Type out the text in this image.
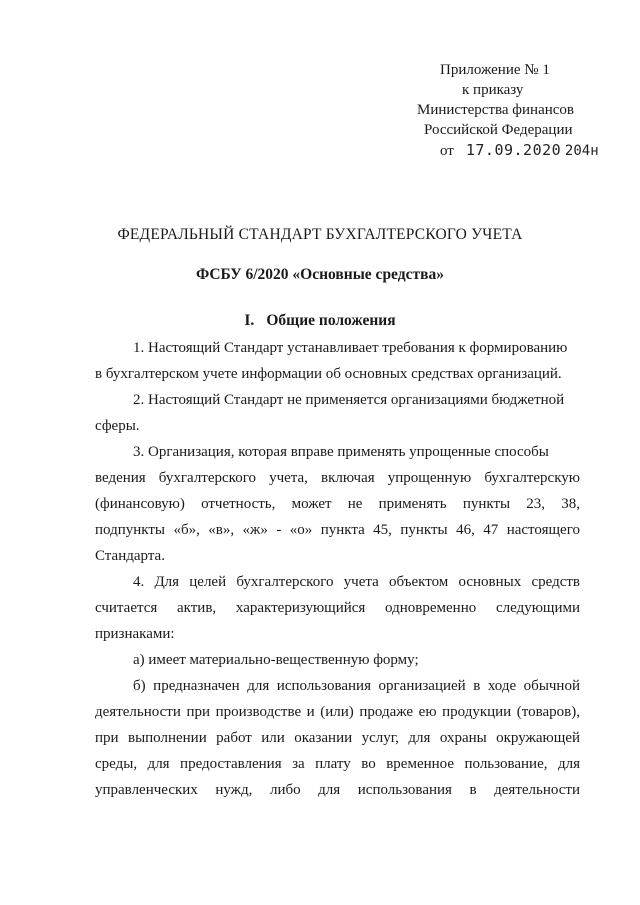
Приложение № 1
к приказу
Министерства финансов
Российской Федерации
от 17.09.2020 204н
ФЕДЕРАЛЬНЫЙ СТАНДАРТ БУХГАЛТЕРСКОГО УЧЕТА
ФСБУ 6/2020 «Основные средства»
I. Общие положения
1. Настоящий Стандарт устанавливает требования к формированию
в бухгалтерском учете информации об основных средствах организаций.
2. Настоящий Стандарт не применяется организациями бюджетной
сферы.
3. Организация, которая вправе применять упрощенные способы
ведения бухгалтерского учета, включая упрощенную бухгалтерскую
(финансовую) отчетность, может не применять пункты 23, 38,
подпункты «б», «в», «ж» - «о» пункта 45, пункты 46, 47 настоящего
Стандарта.
4. Для целей бухгалтерского учета объектом основных средств
считается актив, характеризующийся одновременно следующими
признаками:
а) имеет материально-вещественную форму;
б) предназначен для использования организацией в ходе обычной
деятельности при производстве и (или) продаже ею продукции (товаров),
при выполнении работ или оказании услуг, для охраны окружающей
среды, для предоставления за плату во временное пользование, для
управленческих нужд, либо для использования в деятельности
